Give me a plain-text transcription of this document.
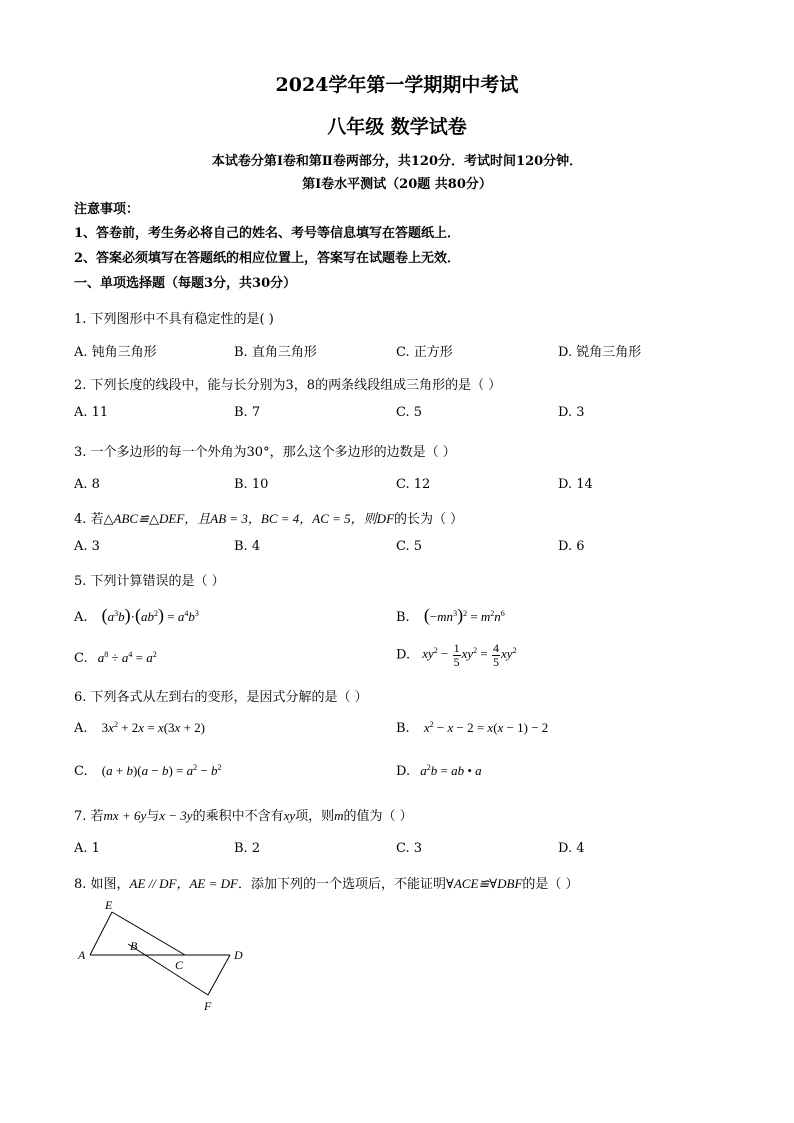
2024学年第一学期期中考试
八年级 数学试卷
本试卷分第Ⅰ卷和第Ⅱ卷两部分，共120分．考试时间120分钟．
第Ⅰ卷水平测试（20题 共80分）
注意事项：
1、答卷前，考生务必将自己的姓名、考号等信息填写在答题纸上．
2、答案必须填写在答题纸的相应位置上，答案写在试题卷上无效．
一、单项选择题（每题3分，共30分）
1. 下列图形中不具有稳定性的是( )
A. 钝角三角形	B. 直角三角形	C. 正方形	D. 锐角三角形
2. 下列长度的线段中，能与长分别为3，8的两条线段组成三角形的是（ ）
A. 11	B. 7	C. 5	D. 3
3. 一个多边形的每一个外角为30°，那么这个多边形的边数是（ ）
A. 8	B. 10	C. 12	D. 14
4. 若△ABC≌△DEF，且AB = 3，BC = 4，AC = 5，则DF的长为（ ）
A. 3	B. 4	C. 5	D. 6
5. 下列计算错误的是（ ）
A. $(a^3b)\cdot(ab^2) = a^4b^3$	B. $(-mn^3)^2 = m^2n^6$
C. $a^8 \div a^4 = a^2$	D. $xy^2 - \frac{1}{5} xy^2 = \frac{4}{5} xy^2$
6. 下列各式从左到右的变形，是因式分解的是（ ）
A. $3x^2 + 2x = x(3x + 2)$	B. $x^2 - x - 2 = x(x - 1) - 2$
C. $(a + b)(a - b) = a^2 - b^2$	D. $a^2b$ = ab • a
7. 若mx + 6y与x − 3y的乘积中不含有xy项，则m的值为（ ）
A. 1	B. 2	C. 3	D. 4
8. 如图，AE // DF，AE = DF．添加下列的一个选项后，不能证明∀ACE≌∀DBF的是（ ）
E
A
B
C
D
F
